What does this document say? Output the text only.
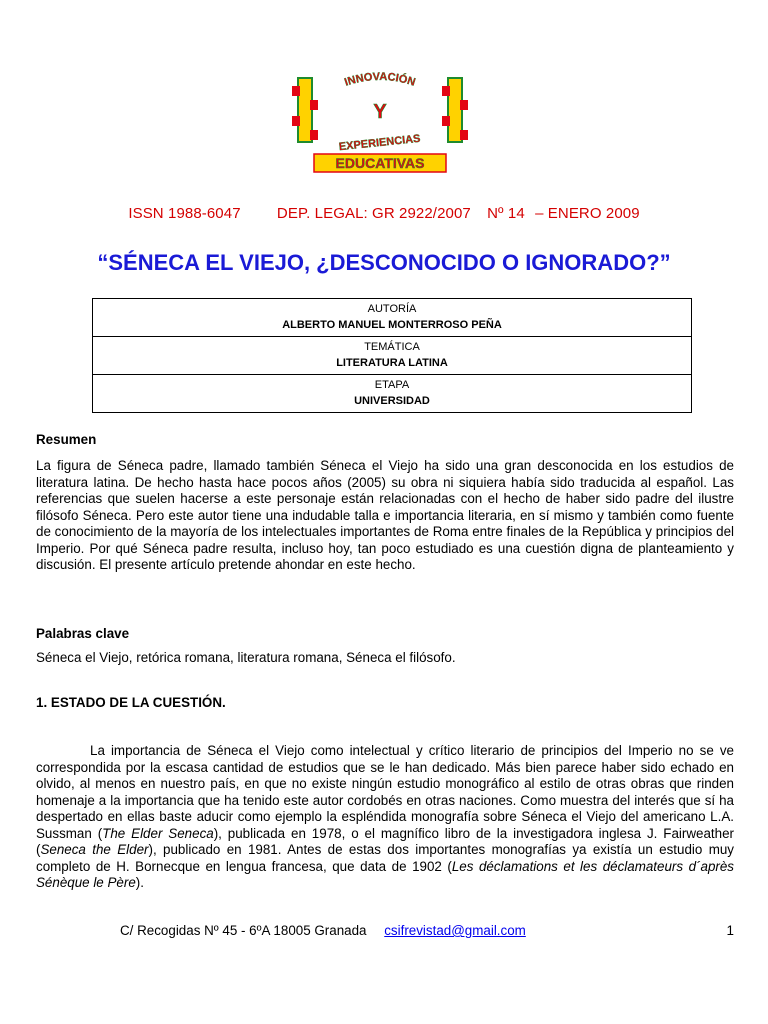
INNOVACIÓN
Y
EXPERIENCIAS
EDUCATIVAS
ISSN 1988-6047 DEP. LEGAL: GR 2922/2007 Nº 14 – ENERO 2009
“SÉNECA EL VIEJO, ¿DESCONOCIDO O IGNORADO?”
AUTORÍA
ALBERTO MANUEL MONTERROSO PEÑA

TEMÁTICA
LITERATURA LATINA

ETAPA
UNIVERSIDAD
Resumen

La figura de Séneca padre, llamado también Séneca el Viejo ha sido una gran desconocida en los estudios de literatura latina. De hecho hasta hace pocos años (2005) su obra ni siquiera había sido traducida al español. Las referencias que suelen hacerse a este personaje están relacionadas con el hecho de haber sido padre del ilustre filósofo Séneca. Pero este autor tiene una indudable talla e importancia literaria, en sí mismo y también como fuente de conocimiento de la mayoría de los intelectuales importantes de Roma entre finales de la República y principios del Imperio. Por qué Séneca padre resulta, incluso hoy, tan poco estudiado es una cuestión digna de planteamiento y discusión. El presente artículo pretende ahondar en este hecho.

Palabras clave

Séneca el Viejo, retórica romana, literatura romana, Séneca el filósofo.

1. ESTADO DE LA CUESTIÓN.

La importancia de Séneca el Viejo como intelectual y crítico literario de principios del Imperio no se ve correspondida por la escasa cantidad de estudios que se le han dedicado. Más bien parece haber sido echado en olvido, al menos en nuestro país, en que no existe ningún estudio monográfico al estilo de otras obras que rinden homenaje a la importancia que ha tenido este autor cordobés en otras naciones. Como muestra del interés que sí ha despertado en ellas baste aducir como ejemplo la espléndida monografía sobre Séneca el Viejo del americano L.A. Sussman (The Elder Seneca), publicada en 1978, o el magnífico libro de la investigadora inglesa J. Fairweather (Seneca the Elder), publicado en 1981. Antes de estas dos importantes monografías ya existía un estudio muy completo de H. Bornecque en lengua francesa, que data de 1902 (Les déclamations et les déclamateurs d´après Sénèque le Père).

C/ Recogidas Nº 45 - 6ºA 18005 Granada csifrevistad@gmail.com	1
